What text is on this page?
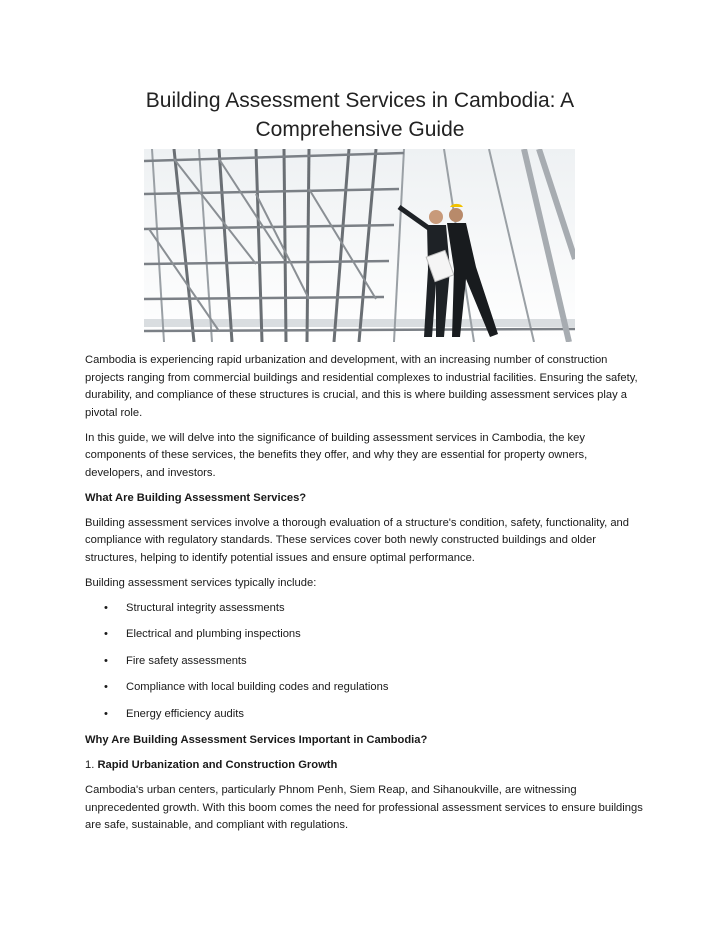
Building Assessment Services in Cambodia: A Comprehensive Guide

Cambodia is experiencing rapid urbanization and development, with an increasing number of construction projects ranging from commercial buildings and residential complexes to industrial facilities. Ensuring the safety, durability, and compliance of these structures is crucial, and this is where building assessment services play a pivotal role.

In this guide, we will delve into the significance of building assessment services in Cambodia, the key components of these services, the benefits they offer, and why they are essential for property owners, developers, and investors.

What Are Building Assessment Services?

Building assessment services involve a thorough evaluation of a structure's condition, safety, functionality, and compliance with regulatory standards. These services cover both newly constructed buildings and older structures, helping to identify potential issues and ensure optimal performance.

Building assessment services typically include:

• Structural integrity assessments
• Electrical and plumbing inspections
• Fire safety assessments
• Compliance with local building codes and regulations
• Energy efficiency audits
Why Are Building Assessment Services Important in Cambodia?

1. Rapid Urbanization and Construction Growth

Cambodia's urban centers, particularly Phnom Penh, Siem Reap, and Sihanoukville, are witnessing unprecedented growth. With this boom comes the need for professional assessment services to ensure buildings are safe, sustainable, and compliant with regulations.
